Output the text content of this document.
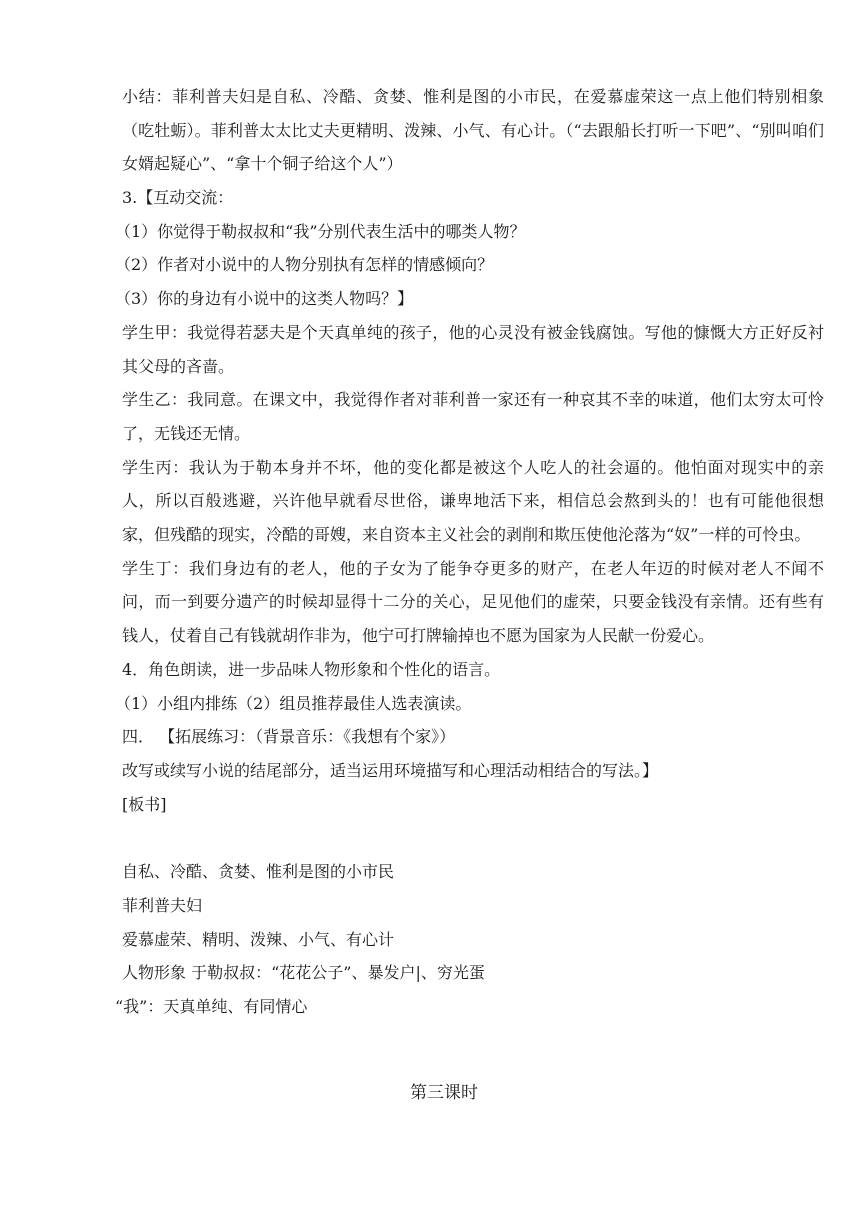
小结：菲利普夫妇是自私、冷酷、贪婪、惟利是图的小市民，在爱慕虚荣这一点上他们特别相象（吃牡蛎）。菲利普太太比丈夫更精明、泼辣、小气、有心计。（“去跟船长打听一下吧”、“别叫咱们女婿起疑心”、“拿十个铜子给这个人”）
3.【互动交流：
（1）你觉得于勒叔叔和“我”分别代表生活中的哪类人物？
（2）作者对小说中的人物分别执有怎样的情感倾向？
（3）你的身边有小说中的这类人物吗？】
学生甲：我觉得若瑟夫是个天真单纯的孩子，他的心灵没有被金钱腐蚀。写他的慷慨大方正好反衬其父母的吝啬。
学生乙：我同意。在课文中，我觉得作者对菲利普一家还有一种哀其不幸的味道，他们太穷太可怜了，无钱还无情。
学生丙：我认为于勒本身并不坏，他的变化都是被这个人吃人的社会逼的。他怕面对现实中的亲人，所以百般逃避，兴许他早就看尽世俗，谦卑地活下来，相信总会熬到头的！也有可能他很想家，但残酷的现实，冷酷的哥嫂，来自资本主义社会的剥削和欺压使他沦落为“奴”一样的可怜虫。
学生丁：我们身边有的老人，他的子女为了能争夺更多的财产，在老人年迈的时候对老人不闻不问，而一到要分遗产的时候却显得十二分的关心，足见他们的虚荣，只要金钱没有亲情。还有些有钱人，仗着自己有钱就胡作非为，他宁可打牌输掉也不愿为国家为人民献一份爱心。
4．角色朗读，进一步品味人物形象和个性化的语言。
（1）小组内排练（2）组员推荐最佳人选表演读。
四． 【拓展练习：（背景音乐：《我想有个家》）
改写或续写小说的结尾部分，适当运用环境描写和心理活动相结合的写法。】
[板书]
自私、冷酷、贪婪、惟利是图的小市民
菲利普夫妇
爱慕虚荣、精明、泼辣、小气、有心计
人物形象 于勒叔叔：“花花公子”、暴发户|、穷光蛋
“我”：天真单纯、有同情心
第三课时
